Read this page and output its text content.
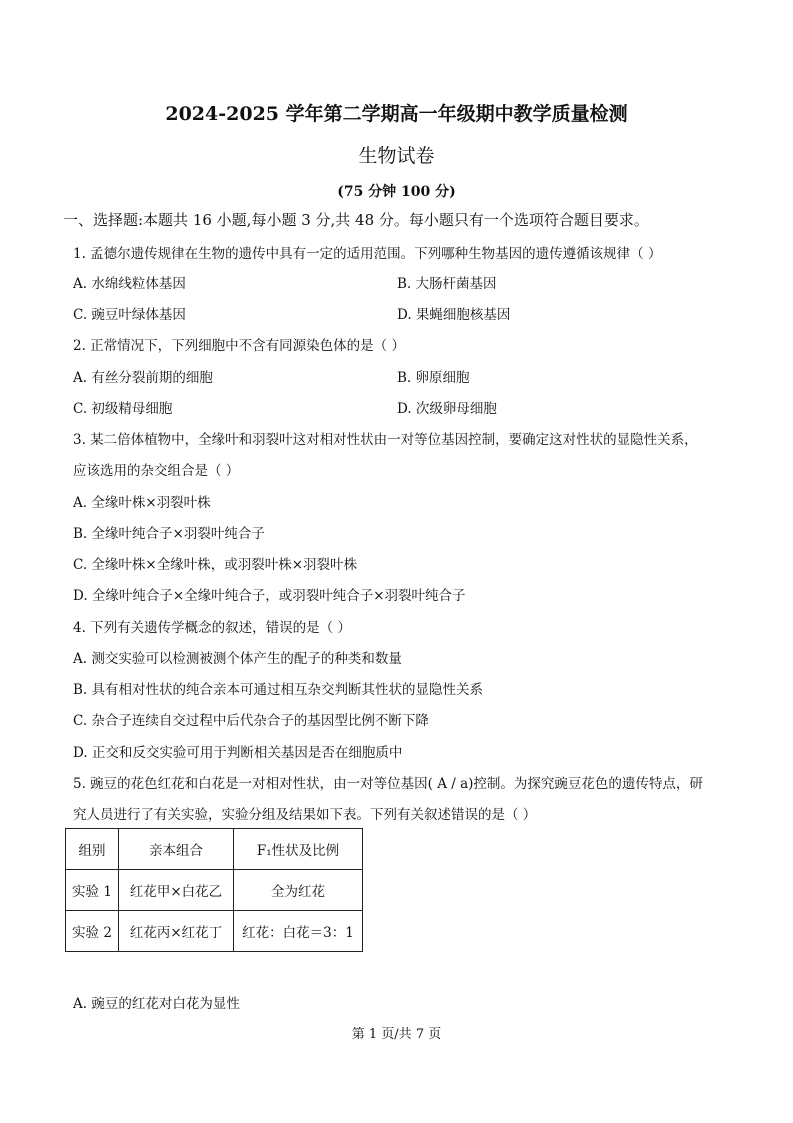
2024-2025 学年第二学期高一年级期中教学质量检测
生物试卷
(75 分钟 100 分)
一、选择题:本题共 16 小题,每小题 3 分,共 48 分。每小题只有一个选项符合题目要求。
1. 孟德尔遗传规律在生物的遗传中具有一定的适用范围。下列哪种生物基因的遗传遵循该规律（ ）
A. 水绵线粒体基因	B. 大肠杆菌基因
C. 豌豆叶绿体基因	D. 果蝇细胞核基因
2. 正常情况下，下列细胞中不含有同源染色体的是（ ）
A. 有丝分裂前期的细胞	B. 卵原细胞
C. 初级精母细胞	D. 次级卵母细胞
3. 某二倍体植物中，全缘叶和羽裂叶这对相对性状由一对等位基因控制，要确定这对性状的显隐性关系，
应该选用的杂交组合是（ ）
A. 全缘叶株×羽裂叶株
B. 全缘叶纯合子×羽裂叶纯合子
C. 全缘叶株×全缘叶株，或羽裂叶株×羽裂叶株
D. 全缘叶纯合子×全缘叶纯合子，或羽裂叶纯合子×羽裂叶纯合子
4. 下列有关遗传学概念的叙述，错误的是（ ）
A. 测交实验可以检测被测个体产生的配子的种类和数量
B. 具有相对性状的纯合亲本可通过相互杂交判断其性状的显隐性关系
C. 杂合子连续自交过程中后代杂合子的基因型比例不断下降
D. 正交和反交实验可用于判断相关基因是否在细胞质中
5. 豌豆的花色红花和白花是一对相对性状，由一对等位基因( A / a)控制。为探究豌豆花色的遗传特点，研
究人员进行了有关实验，实验分组及结果如下表。下列有关叙述错误的是（ ）
组别	亲本组合	F₁性状及比例
实验 1	红花甲×白花乙	全为红花
实验 2	红花丙×红花丁	红花：白花＝3：1
A. 豌豆的红花对白花为显性
第 1 页/共 7 页
